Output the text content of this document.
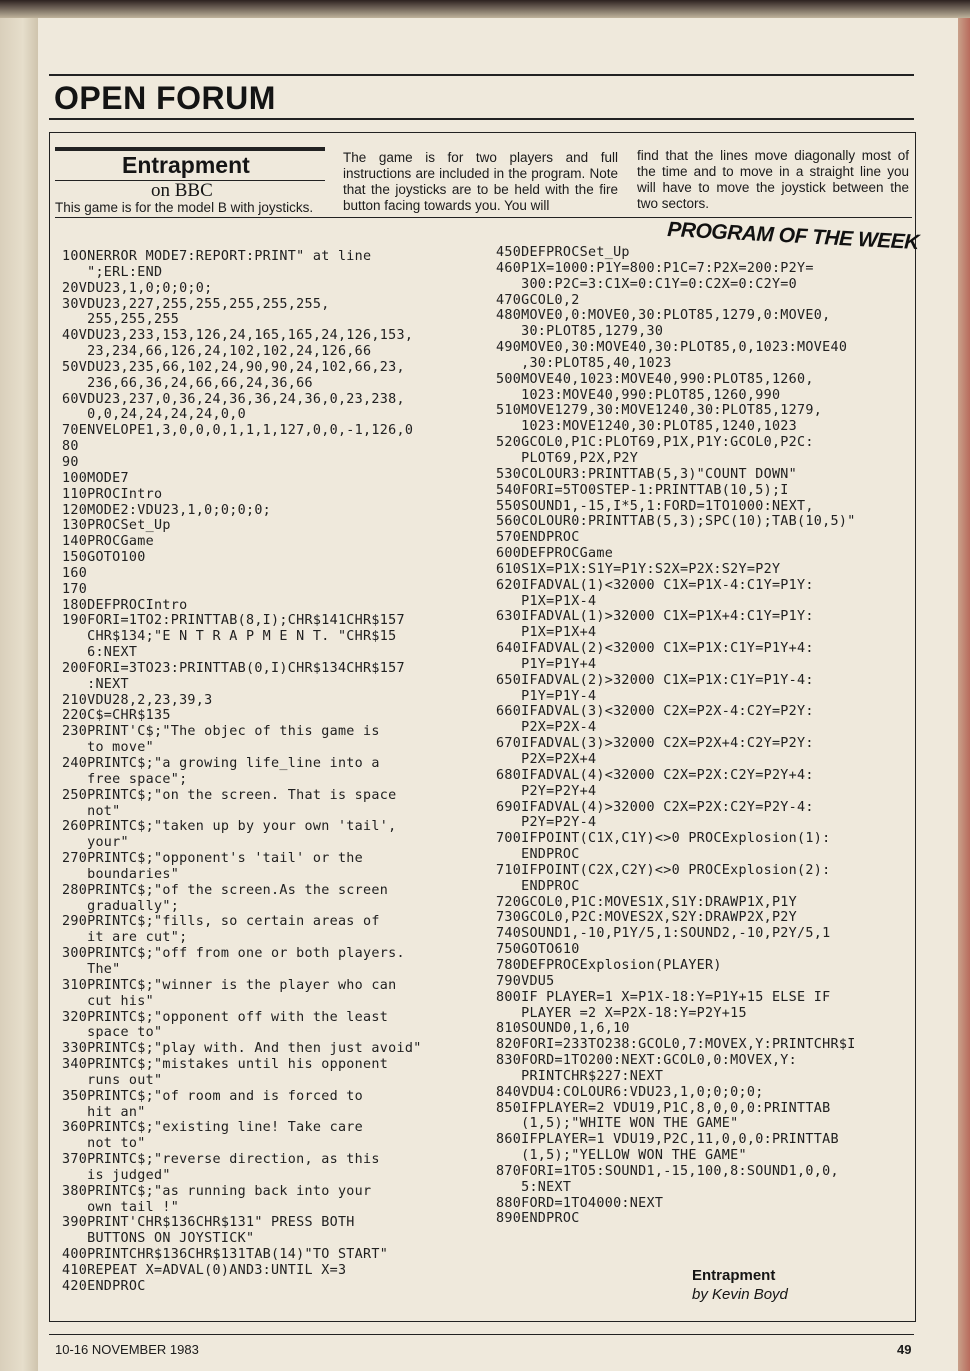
OPEN FORUM
Entrapment
on BBC
This game is for the model B with joysticks.
The game is for two players and full instructions are included in the program. Note that the joysticks are to be held with the fire button facing towards you. You will
find that the lines move diagonally most of the time and to move in a straight line you will have to move the joystick between the two sectors.
PROGRAM OF THE WEEK
10ONERROR MODE7:REPORT:PRINT" at line
";ERL:END
20VDU23,1,0;0;0;0;
30VDU23,227,255,255,255,255,255,
255,255,255
40VDU23,233,153,126,24,165,165,24,126,153,
23,234,66,126,24,102,102,24,126,66
50VDU23,235,66,102,24,90,90,24,102,66,23,
236,66,36,24,66,66,24,36,66
60VDU23,237,0,36,24,36,36,24,36,0,23,238,
0,0,24,24,24,24,0,0
70ENVELOPE1,3,0,0,0,1,1,1,127,0,0,-1,126,0
80
90
100MODE7
110PROCIntro
120MODE2:VDU23,1,0;0;0;0;
130PROCSet_Up
140PROCGame
150GOTO100
160
170
180DEFPROCIntro
190FORI=1TO2:PRINTTAB(8,I);CHR$141CHR$157
CHR$134;"E N T R A P M E N T. "CHR$15
6:NEXT
200FORI=3TO23:PRINTTAB(0,I)CHR$134CHR$157
:NEXT
210VDU28,2,23,39,3
220C$=CHR$135
230PRINT'C$;"The objec of this game is
to move"
240PRINTC$;"a growing life_line into a
free space";
250PRINTC$;"on the screen. That is space
not"
260PRINTC$;"taken up by your own 'tail',
your"
270PRINTC$;"opponent's 'tail' or the
boundaries"
280PRINTC$;"of the screen.As the screen
gradually";
290PRINTC$;"fills, so certain areas of
it are cut";
300PRINTC$;"off from one or both players.
The"
310PRINTC$;"winner is the player who can
cut his"
320PRINTC$;"opponent off with the least
space to"
330PRINTC$;"play with. And then just avoid"
340PRINTC$;"mistakes until his opponent
runs out"
350PRINTC$;"of room and is forced to
hit an"
360PRINTC$;"existing line! Take care
not to"
370PRINTC$;"reverse direction, as this
is judged"
380PRINTC$;"as running back into your
own tail !"
390PRINT'CHR$136CHR$131" PRESS BOTH
BUTTONS ON JOYSTICK"
400PRINTCHR$136CHR$131TAB(14)"TO START"
410REPEAT X=ADVAL(0)AND3:UNTIL X=3
420ENDPROC
450DEFPROCSet_Up
460P1X=1000:P1Y=800:P1C=7:P2X=200:P2Y=
300:P2C=3:C1X=0:C1Y=0:C2X=0:C2Y=0
470GCOL0,2
480MOVE0,0:MOVE0,30:PLOT85,1279,0:MOVE0,
30:PLOT85,1279,30
490MOVE0,30:MOVE40,30:PLOT85,0,1023:MOVE40
,30:PLOT85,40,1023
500MOVE40,1023:MOVE40,990:PLOT85,1260,
1023:MOVE40,990:PLOT85,1260,990
510MOVE1279,30:MOVE1240,30:PLOT85,1279,
1023:MOVE1240,30:PLOT85,1240,1023
520GCOL0,P1C:PLOT69,P1X,P1Y:GCOL0,P2C:
PLOT69,P2X,P2Y
530COLOUR3:PRINTTAB(5,3)"COUNT DOWN"
540FORI=5TO0STEP-1:PRINTTAB(10,5);I
550SOUND1,-15,I*5,1:FORD=1TO1000:NEXT,
560COLOUR0:PRINTTAB(5,3);SPC(10);TAB(10,5)"
570ENDPROC
600DEFPROCGame
610S1X=P1X:S1Y=P1Y:S2X=P2X:S2Y=P2Y
620IFADVAL(1)<32000 C1X=P1X-4:C1Y=P1Y:
P1X=P1X-4
630IFADVAL(1)>32000 C1X=P1X+4:C1Y=P1Y:
P1X=P1X+4
640IFADVAL(2)<32000 C1X=P1X:C1Y=P1Y+4:
P1Y=P1Y+4
650IFADVAL(2)>32000 C1X=P1X:C1Y=P1Y-4:
P1Y=P1Y-4
660IFADVAL(3)<32000 C2X=P2X-4:C2Y=P2Y:
P2X=P2X-4
670IFADVAL(3)>32000 C2X=P2X+4:C2Y=P2Y:
P2X=P2X+4
680IFADVAL(4)<32000 C2X=P2X:C2Y=P2Y+4:
P2Y=P2Y+4
690IFADVAL(4)>32000 C2X=P2X:C2Y=P2Y-4:
P2Y=P2Y-4
700IFPOINT(C1X,C1Y)<>0 PROCExplosion(1):
ENDPROC
710IFPOINT(C2X,C2Y)<>0 PROCExplosion(2):
ENDPROC
720GCOL0,P1C:MOVES1X,S1Y:DRAWP1X,P1Y
730GCOL0,P2C:MOVES2X,S2Y:DRAWP2X,P2Y
740SOUND1,-10,P1Y/5,1:SOUND2,-10,P2Y/5,1
750GOTO610
780DEFPROCExplosion(PLAYER)
790VDU5
800IF PLAYER=1 X=P1X-18:Y=P1Y+15 ELSE IF
PLAYER =2 X=P2X-18:Y=P2Y+15
810SOUND0,1,6,10
820FORI=233TO238:GCOL0,7:MOVEX,Y:PRINTCHR$I
830FORD=1TO200:NEXT:GCOL0,0:MOVEX,Y:
PRINTCHR$227:NEXT
840VDU4:COLOUR6:VDU23,1,0;0;0;0;
850IFPLAYER=2 VDU19,P1C,8,0,0,0:PRINTTAB
(1,5);"WHITE WON THE GAME"
860IFPLAYER=1 VDU19,P2C,11,0,0,0:PRINTTAB
(1,5);"YELLOW WON THE GAME"
870FORI=1TO5:SOUND1,-15,100,8:SOUND1,0,0,
5:NEXT
880FORD=1TO4000:NEXT
890ENDPROC
Entrapment
by Kevin Boyd
10-16 NOVEMBER 1983	49
